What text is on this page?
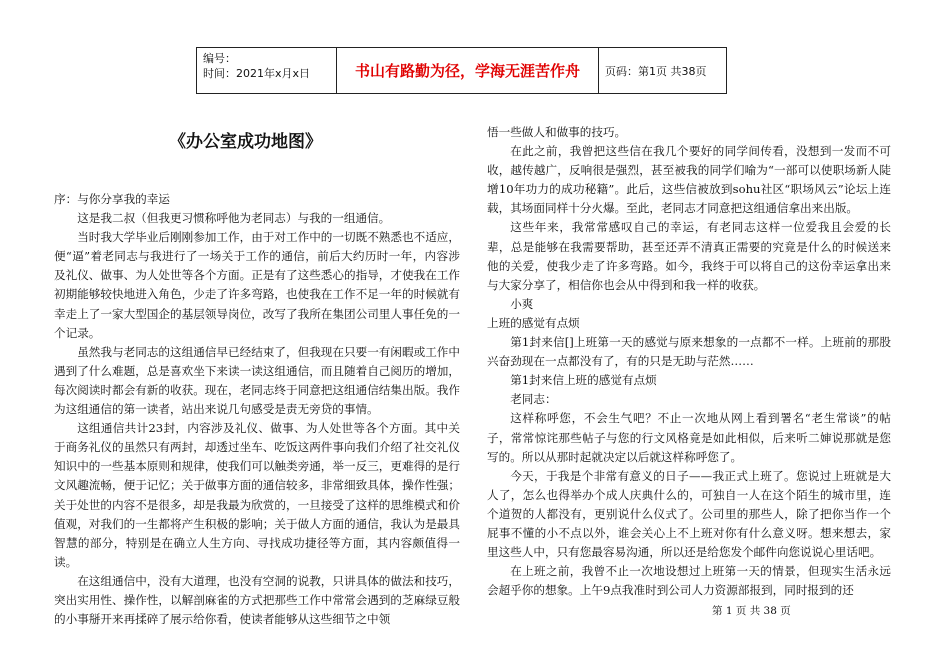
编号：
时间：2021年x月x日	书山有路勤为径，学海无涯苦作舟 页码：第1页 共38页
《办公室成功地图》

序：与你分享我的幸运

这是我二叔（但我更习惯称呼他为老同志）与我的一组通信。

当时我大学毕业后刚刚参加工作，由于对工作中的一切既不熟悉也不适应，便“逼”着老同志与我进行了一场关于工作的通信，前后大约历时一年，内容涉及礼仪、做事、为人处世等各个方面。正是有了这些悉心的指导，才使我在工作初期能够较快地进入角色，少走了许多弯路，也使我在工作不足一年的时候就有幸走上了一家大型国企的基层领导岗位，改写了我所在集团公司里人事任免的一个记录。

虽然我与老同志的这组通信早已经结束了，但我现在只要一有闲暇或工作中遇到了什么难题，总是喜欢坐下来读一读这组通信，而且随着自己阅历的增加，每次阅读时都会有新的收获。现在，老同志终于同意把这组通信结集出版。我作为这组通信的第一读者，站出来说几句感受是责无旁贷的事情。

这组通信共计23封，内容涉及礼仪、做事、为人处世等各个方面。其中关于商务礼仪的虽然只有两封，却透过坐车、吃饭这两件事向我们介绍了社交礼仪知识中的一些基本原则和规律，使我们可以触类旁通，举一反三，更难得的是行文风趣流畅，便于记忆；关于做事方面的通信较多，非常细致具体，操作性强；关于处世的内容不是很多，却是我最为欣赏的，一旦接受了这样的思维模式和价值观，对我们的一生都将产生积极的影响；关于做人方面的通信，我认为是最具智慧的部分，特别是在确立人生方向、寻找成功捷径等方面，其内容颇值得一读。

在这组通信中，没有大道理，也没有空洞的说教，只讲具体的做法和技巧，突出实用性、操作性，以解剖麻雀的方式把那些工作中常常会遇到的芝麻绿豆般的小事掰开来再揉碎了展示给你看，使读者能够从这些细节之中领

悟一些做人和做事的技巧。

在此之前，我曾把这些信在我几个要好的同学间传看，没想到一发而不可收，越传越广，反响很是强烈，甚至被我的同学们喻为“一部可以使职场新人陡增10年功力的成功秘籍”。此后，这些信被放到sohu社区“职场风云”论坛上连载，其场面同样十分火爆。至此，老同志才同意把这组通信拿出来出版。

这些年来，我常常感叹自己的幸运，有老同志这样一位爱我且会爱的长辈，总是能够在我需要帮助，甚至还弄不清真正需要的究竟是什么的时候送来他的关爱，使我少走了许多弯路。如今，我终于可以将自己的这份幸运拿出来与大家分享了，相信你也会从中得到和我一样的收获。

小爽

上班的感觉有点烦

第1封来信[]上班第一天的感觉与原来想象的一点都不一样。上班前的那股兴奋劲现在一点都没有了，有的只是无助与茫然……

第1封来信上班的感觉有点烦

老同志：

这样称呼您，不会生气吧？不止一次地从网上看到署名“老生常谈”的帖子，常常惊诧那些帖子与您的行文风格竟是如此相似，后来听二婶说那就是您写的。所以从那时起就决定以后就这样称呼您了。

今天，于我是个非常有意义的日子——我正式上班了。您说过上班就是大人了，怎么也得举办个成人庆典什么的，可独自一人在这个陌生的城市里，连个道贺的人都没有，更别说什么仪式了。公司里的那些人，除了把你当作一个屁事不懂的小不点以外，谁会关心上不上班对你有什么意义呀。想来想去，家里这些人中，只有您最容易沟通，所以还是给您发个邮件向您说说心里话吧。

在上班之前，我曾不止一次地设想过上班第一天的情景，但现实生活永远会超乎你的想象。上午9点我准时到公司人力资源部报到，同时报到的还

第 1 页 共 38 页
